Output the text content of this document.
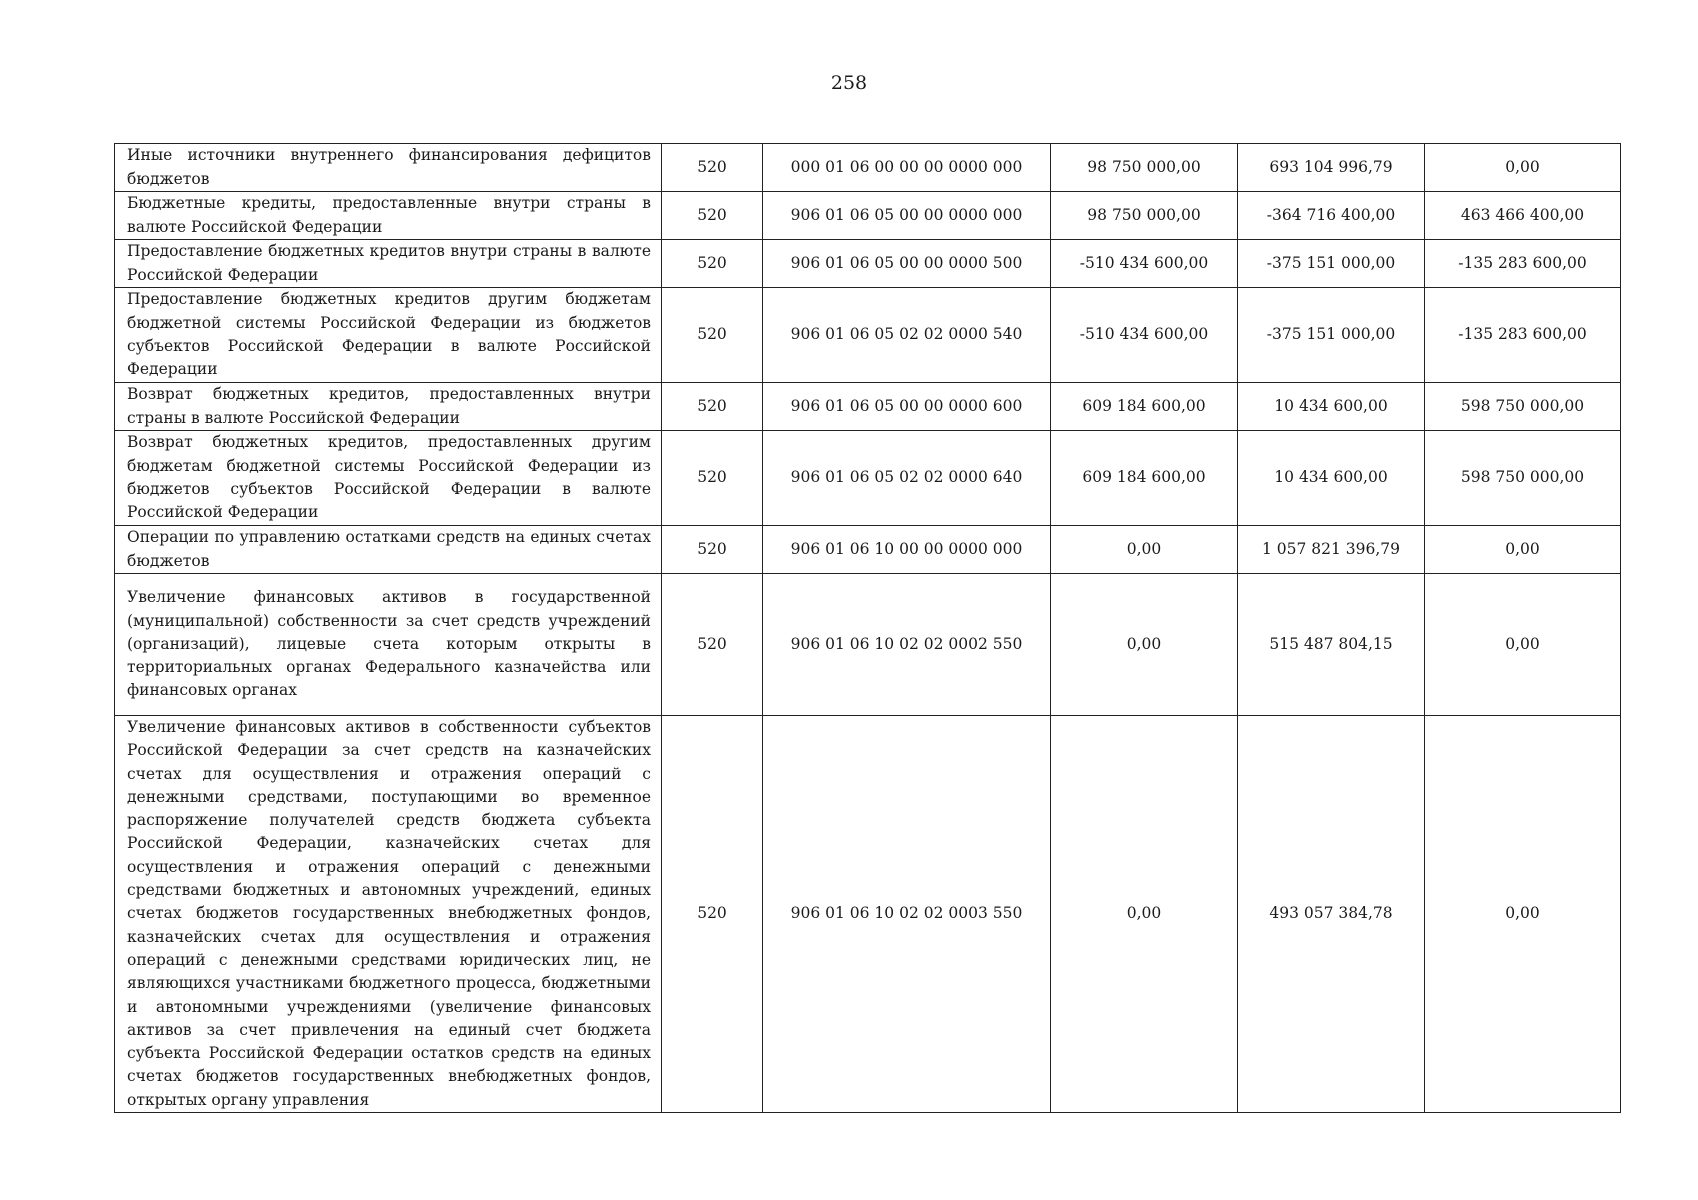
258
Иные источники внутреннего финансирования дефицитов бюджетов	520	000 01 06 00 00 00 0000 000	98 750 000,00	693 104 996,79	0,00

Бюджетные кредиты, предоставленные внутри страны в валюте Российской Федерации	520	906 01 06 05 00 00 0000 000	98 750 000,00	-364 716 400,00	463 466 400,00

Предоставление бюджетных кредитов внутри страны в валюте Российской Федерации	520	906 01 06 05 00 00 0000 500	-510 434 600,00	-375 151 000,00	-135 283 600,00

Предоставление бюджетных кредитов другим бюджетам бюджетной системы Российской Федерации из бюджетов субъектов Российской Федерации в валюте Российской Федерации	520	906 01 06 05 02 02 0000 540	-510 434 600,00	-375 151 000,00	-135 283 600,00

Возврат бюджетных кредитов, предоставленных внутри страны в валюте Российской Федерации	520	906 01 06 05 00 00 0000 600	609 184 600,00	10 434 600,00	598 750 000,00

Возврат бюджетных кредитов, предоставленных другим бюджетам бюджетной системы Российской Федерации из бюджетов субъектов Российской Федерации в валюте Российской Федерации	520	906 01 06 05 02 02 0000 640	609 184 600,00	10 434 600,00	598 750 000,00

Операции по управлению остатками средств на единых счетах бюджетов	520	906 01 06 10 00 00 0000 000	0,00	1 057 821 396,79	0,00

Увеличение финансовых активов в государственной (муниципальной) собственности за счет средств учреждений (организаций), лицевые счета которым открыты в территориальных органах Федерального казначейства или финансовых органах	520	906 01 06 10 02 02 0002 550	0,00	515 487 804,15	0,00

Увеличение финансовых активов в собственности субъектов Российской Федерации за счет средств на казначейских счетах для осуществления и отражения операций с денежными средствами, поступающими во временное распоряжение получателей средств бюджета субъекта Российской Федерации, казначейских счетах для осуществления и отражения операций с денежными средствами бюджетных и автономных учреждений, единых счетах бюджетов государственных внебюджетных фондов, казначейских счетах для осуществления и отражения операций с денежными средствами юридических лиц, не являющихся участниками бюджетного процесса, бюджетными и автономными учреждениями (увеличение финансовых активов за счет привлечения на единый счет бюджета субъекта Российской Федерации остатков средств на единых счетах бюджетов государственных внебюджетных фондов, открытых органу управления	520	906 01 06 10 02 02 0003 550	0,00	493 057 384,78	0,00
